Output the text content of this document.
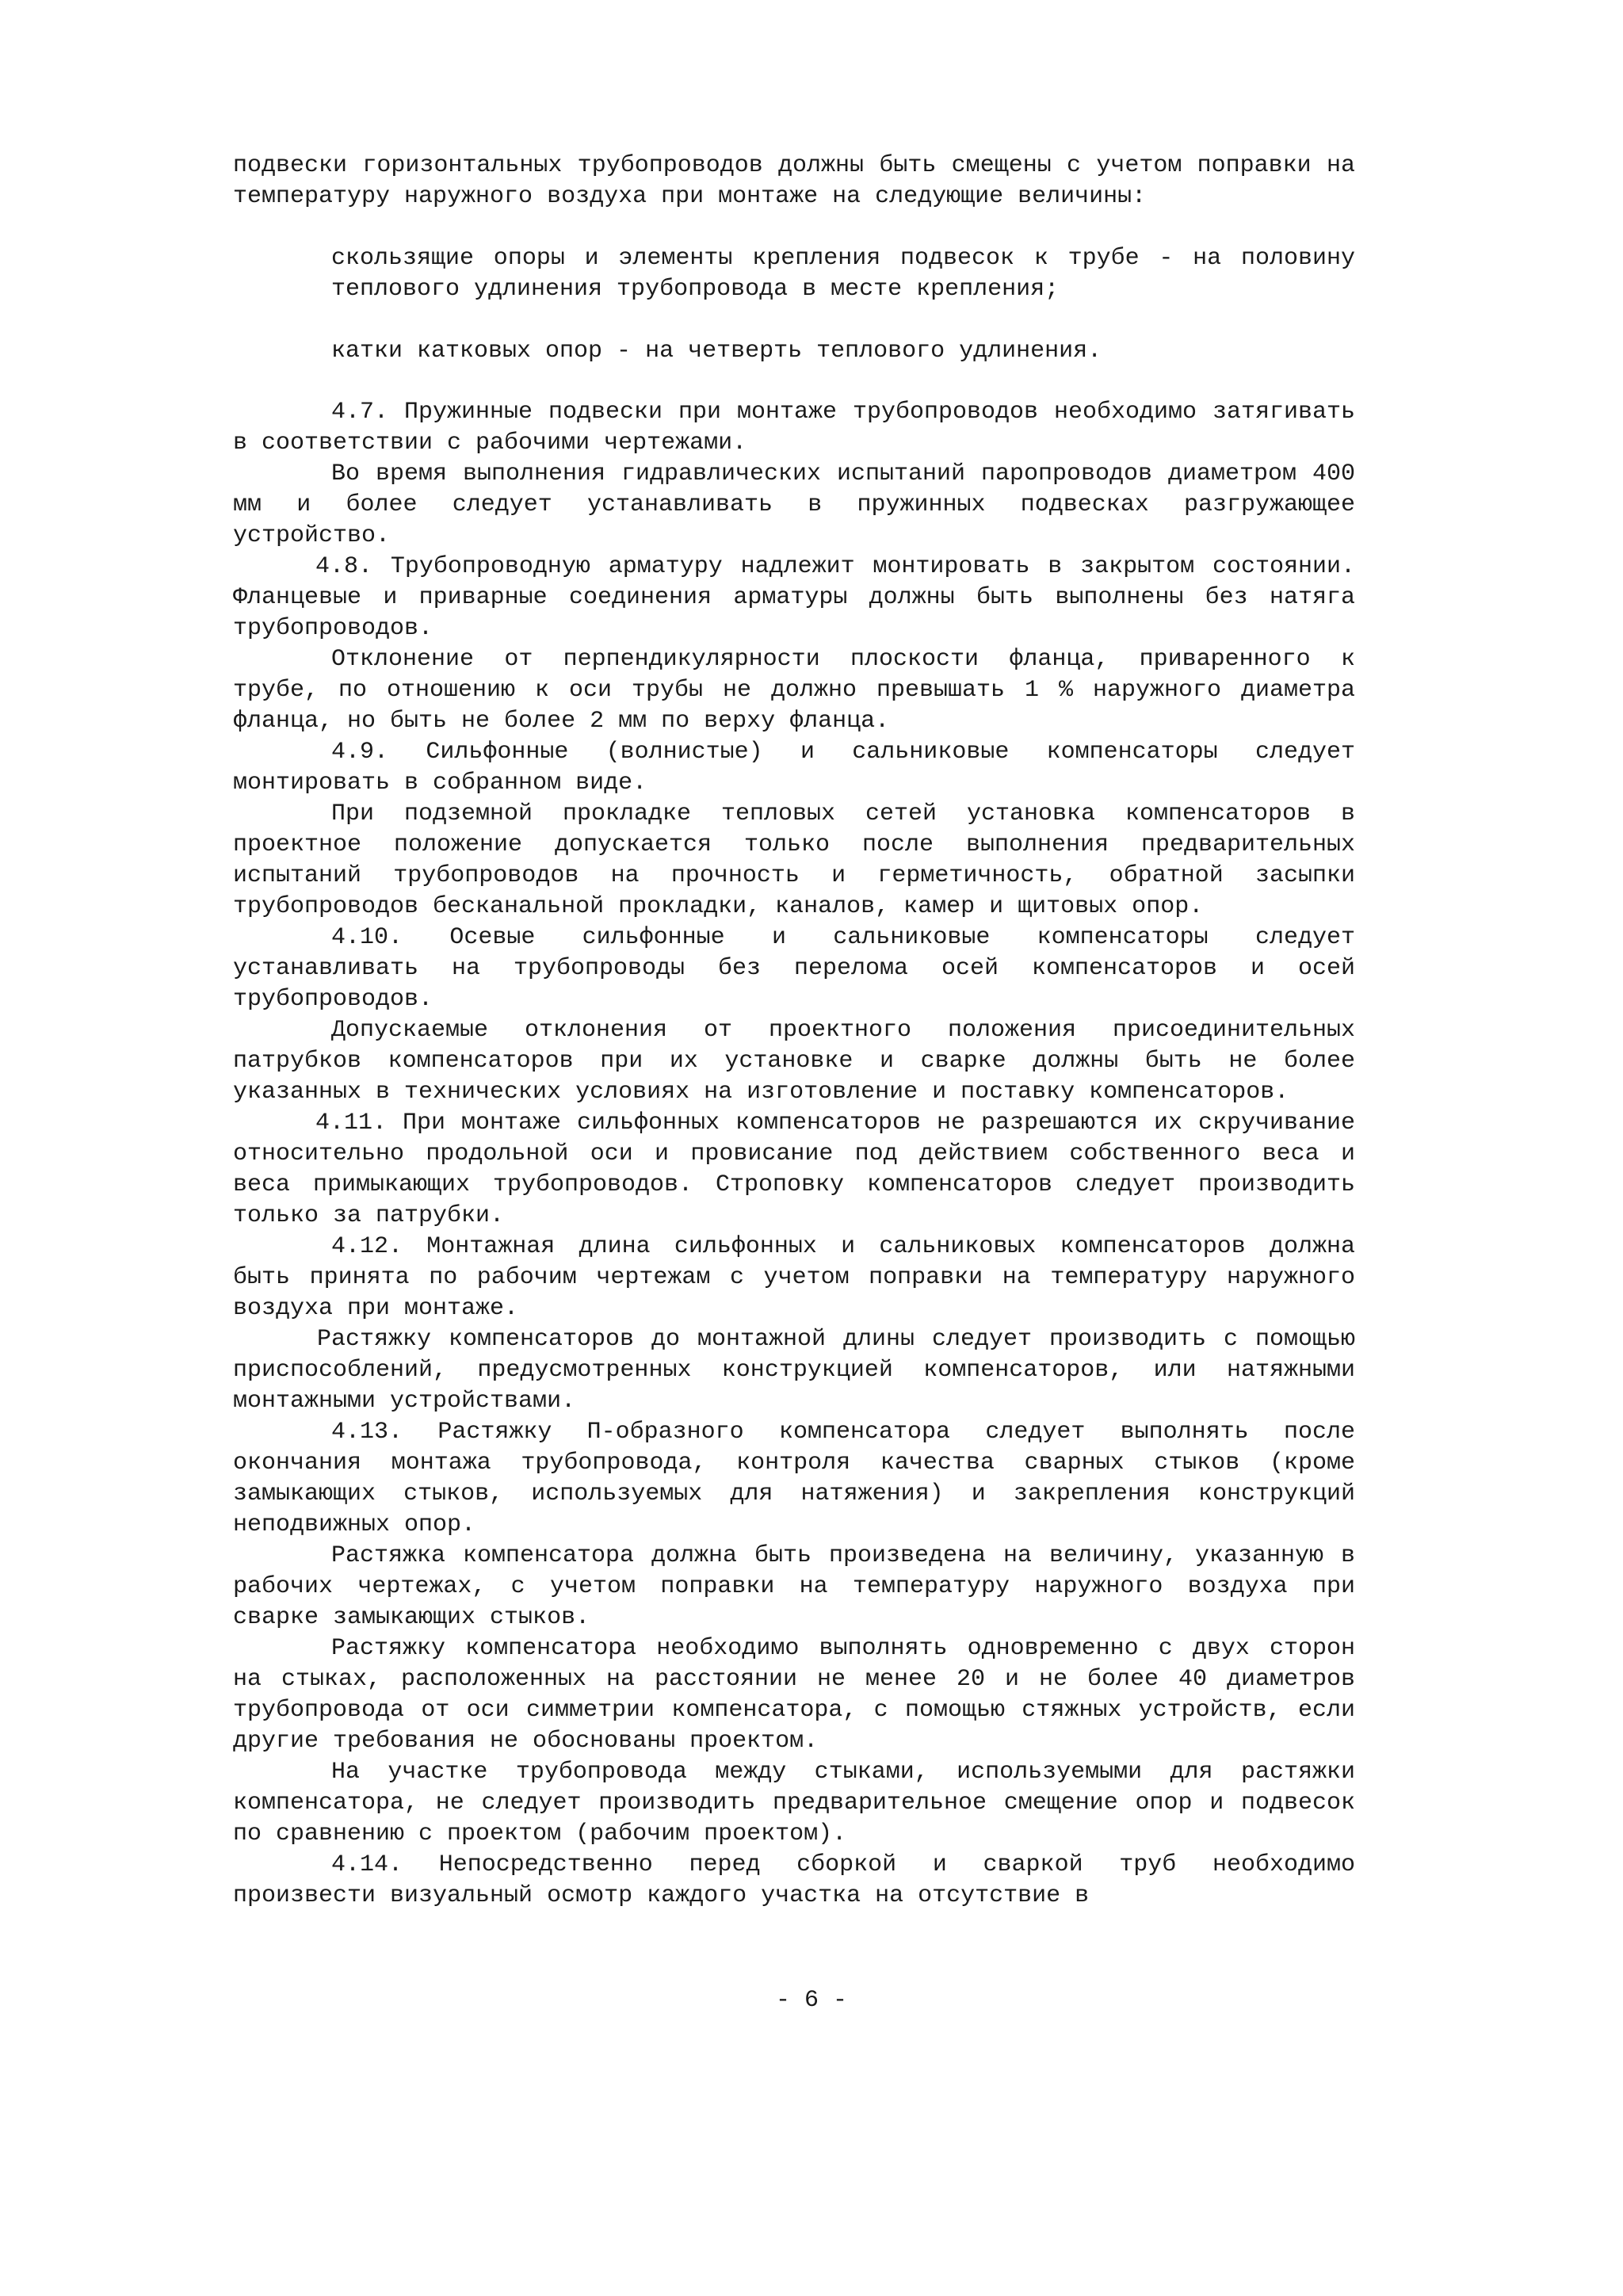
подвески горизонтальных трубопроводов должны быть смещены с учетом поправки на температуру наружного воздуха при монтаже на следующие величины:

скользящие опоры и элементы крепления подвесок к трубе - на половину теплового удлинения трубопровода в месте крепления;

катки катковых опор - на четверть теплового удлинения.

4.7. Пружинные подвески при монтаже трубопроводов необходимо затягивать в соответствии с рабочими чертежами.

Во время выполнения гидравлических испытаний паропроводов диаметром 400 мм и более следует устанавливать в пружинных подвесках разгружающее устройство.

4.8. Трубопроводную арматуру надлежит монтировать в закрытом состоянии. Фланцевые и приварные соединения арматуры должны быть выполнены без натяга трубопроводов.

Отклонение от перпендикулярности плоскости фланца, приваренного к трубе, по отношению к оси трубы не должно превышать 1 % наружного диаметра фланца, но быть не более 2 мм по верху фланца.

4.9. Сильфонные (волнистые) и сальниковые компенсаторы следует монтировать в собранном виде.

При подземной прокладке тепловых сетей установка компенсаторов в проектное положение допускается только после выполнения предварительных испытаний трубопроводов на прочность и герметичность, обратной засыпки трубопроводов бесканальной прокладки, каналов, камер и щитовых опор.

4.10. Осевые сильфонные и сальниковые компенсаторы следует устанавливать на трубопроводы без перелома осей компенсаторов и осей трубопроводов.

Допускаемые отклонения от проектного положения присоединительных патрубков компенсаторов при их установке и сварке должны быть не более указанных в технических условиях на изготовление и поставку компенсаторов.

4.11. При монтаже сильфонных компенсаторов не разрешаются их скручивание относительно продольной оси и провисание под действием собственного веса и веса примыкающих трубопроводов. Строповку компенсаторов следует производить только за патрубки.

4.12. Монтажная длина сильфонных и сальниковых компенсаторов должна быть принята по рабочим чертежам с учетом поправки на температуру наружного воздуха при монтаже.

Растяжку компенсаторов до монтажной длины следует производить с помощью приспособлений, предусмотренных конструкцией компенсаторов, или натяжными монтажными устройствами.

4.13. Растяжку П-образного компенсатора следует выполнять после окончания монтажа трубопровода, контроля качества сварных стыков (кроме замыкающих стыков, используемых для натяжения) и закрепления конструкций неподвижных опор.

Растяжка компенсатора должна быть произведена на величину, указанную в рабочих чертежах, с учетом поправки на температуру наружного воздуха при сварке замыкающих стыков.

Растяжку компенсатора необходимо выполнять одновременно с двух сторон на стыках, расположенных на расстоянии не менее 20 и не более 40 диаметров трубопровода от оси симметрии компенсатора, с помощью стяжных устройств, если другие требования не обоснованы проектом.

На участке трубопровода между стыками, используемыми для растяжки компенсатора, не следует производить предварительное смещение опор и подвесок по сравнению с проектом (рабочим проектом).

4.14. Непосредственно перед сборкой и сваркой труб необходимо произвести визуальный осмотр каждого участка на отсутствие в

- 6 -
